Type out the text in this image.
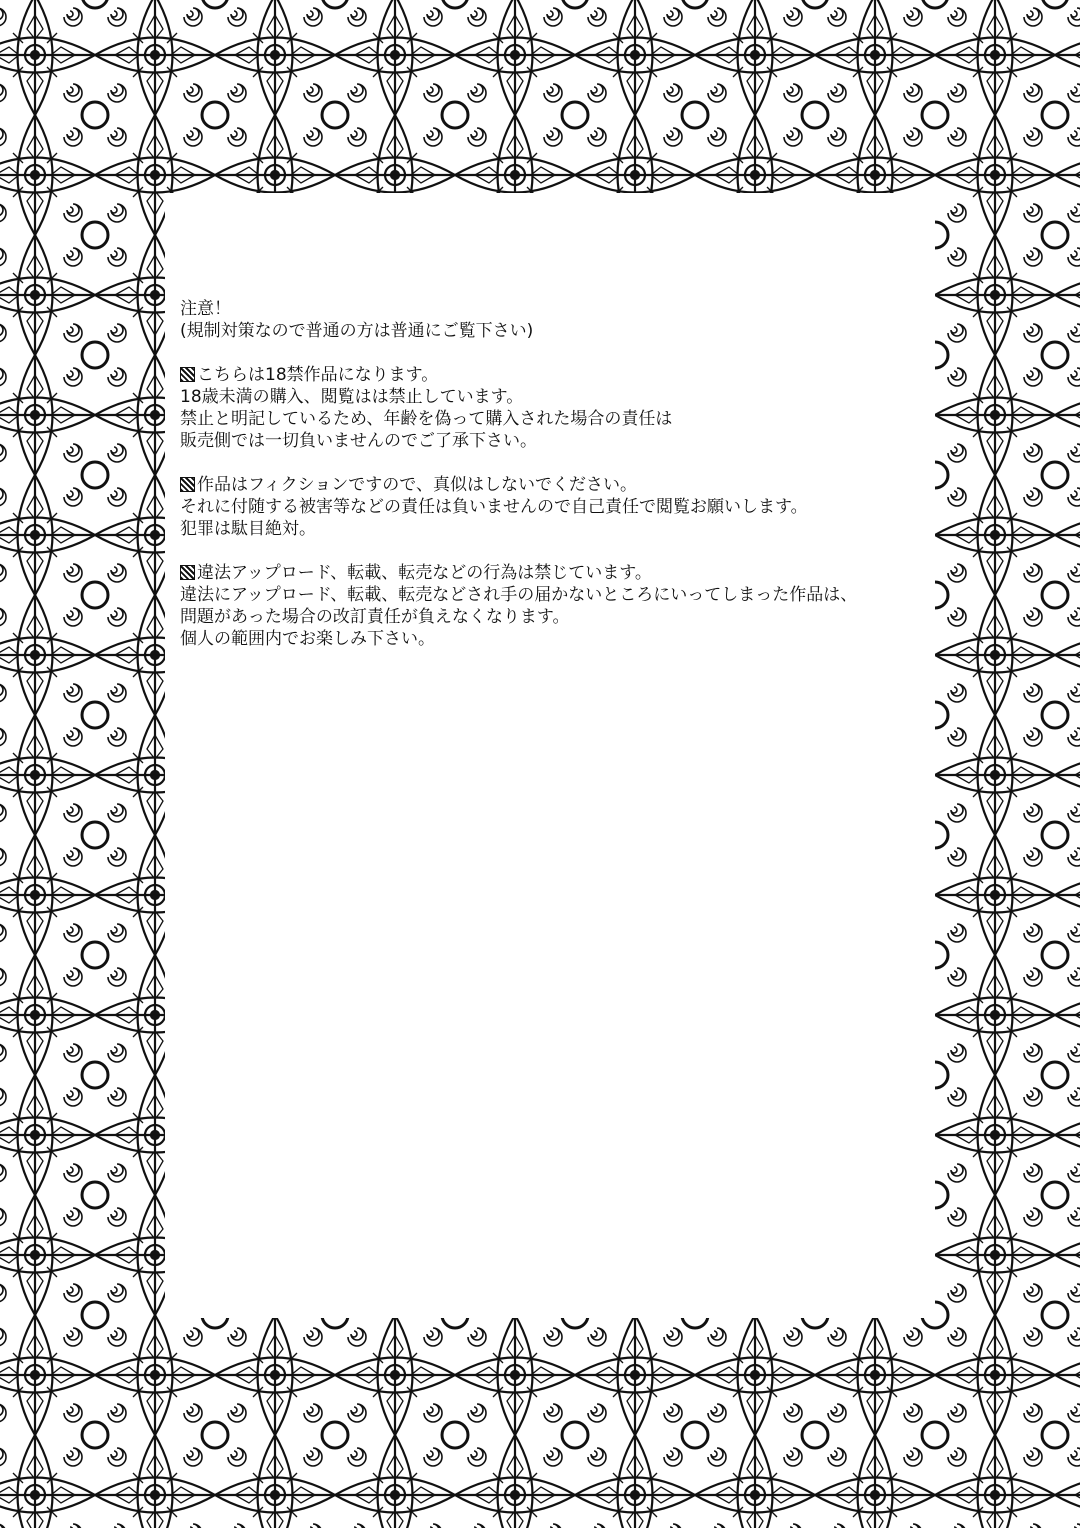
注意！
(規制対策なので普通の方は普通にご覧下さい)
こちらは18禁作品になります。
18歳未満の購入、閲覧はは禁止しています。
禁止と明記しているため、年齢を偽って購入された場合の責任は
販売側では一切負いませんのでご了承下さい。
作品はフィクションですので、真似はしないでください。
それに付随する被害等などの責任は負いませんので自己責任で閲覧お願いします。
犯罪は駄目絶対。
違法アップロード、転載、転売などの行為は禁じています。
違法にアップロード、転載、転売などされ手の届かないところにいってしまった作品は、
問題があった場合の改訂責任が負えなくなります。
個人の範囲内でお楽しみ下さい。
